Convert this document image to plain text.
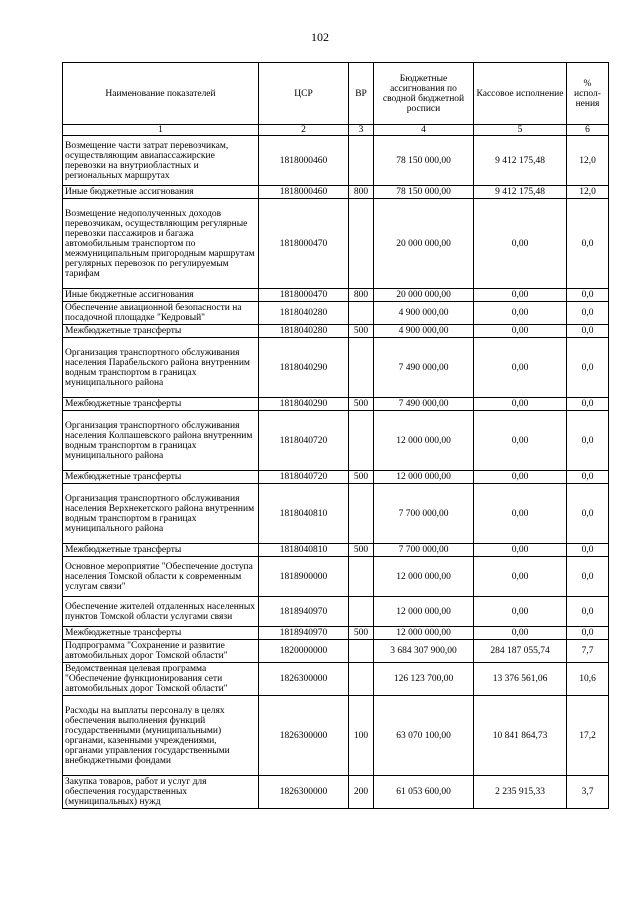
102
Наименование показателей	ЦСР	ВР	Бюджетные ассигнования по сводной бюджетной росписи	Кассовое исполнение	% испол-нения
1	2	3	4	5	6
Возмещение части затрат перевозчикам, осуществляющим авиапассажирские перевозки на внутриобластных и региональных маршрутах	1818000460		78 150 000,00	9 412 175,48	12,0
Иные бюджетные ассигнования	1818000460	800	78 150 000,00	9 412 175,48	12,0
Возмещение недополученных доходов перевозчикам, осуществляющим регулярные перевозки пассажиров и багажа автомобильным транспортом по межмуниципальным пригородным маршрутам регулярных перевозок по регулируемым тарифам	1818000470		20 000 000,00	0,00	0,0
Иные бюджетные ассигнования	1818000470	800	20 000 000,00	0,00	0,0
Обеспечение авиационной безопасности на посадочной площадке "Кедровый"	1818040280		4 900 000,00	0,00	0,0
Межбюджетные трансферты	1818040280	500	4 900 000,00	0,00	0,0
Организация транспортного обслуживания населения Парабельского района внутренним водным транспортом в границах муниципального района	1818040290		7 490 000,00	0,00	0,0
Межбюджетные трансферты	1818040290	500	7 490 000,00	0,00	0,0
Организация транспортного обслуживания населения Колпашевского района внутренним водным транспортом в границах муниципального района	1818040720		12 000 000,00	0,00	0,0
Межбюджетные трансферты	1818040720	500	12 000 000,00	0,00	0,0
Организация транспортного обслуживания населения Верхнекетского района внутренним водным транспортом в границах муниципального района	1818040810		7 700 000,00	0,00	0,0
Межбюджетные трансферты	1818040810	500	7 700 000,00	0,00	0,0
Основное мероприятие "Обеспечение доступа населения Томской области к современным услугам связи"	1818900000		12 000 000,00	0,00	0,0
Обеспечение жителей отдаленных населенных пунктов Томской области услугами связи	1818940970		12 000 000,00	0,00	0,0
Межбюджетные трансферты	1818940970	500	12 000 000,00	0,00	0,0
Подпрограмма "Сохранение и развитие автомобильных дорог Томской области"	1820000000		3 684 307 900,00	284 187 055,74	7,7
Ведомственная целевая программа "Обеспечение функционирования сети автомобильных дорог Томской области"	1826300000		126 123 700,00	13 376 561,06	10,6
Расходы на выплаты персоналу в целях обеспечения выполнения функций государственными (муниципальными) органами, казенными учреждениями, органами управления государственными внебюджетными фондами	1826300000	100	63 070 100,00	10 841 864,73	17,2
Закупка товаров, работ и услуг для обеспечения государственных (муниципальных) нужд	1826300000	200	61 053 600,00	2 235 915,33	3,7
